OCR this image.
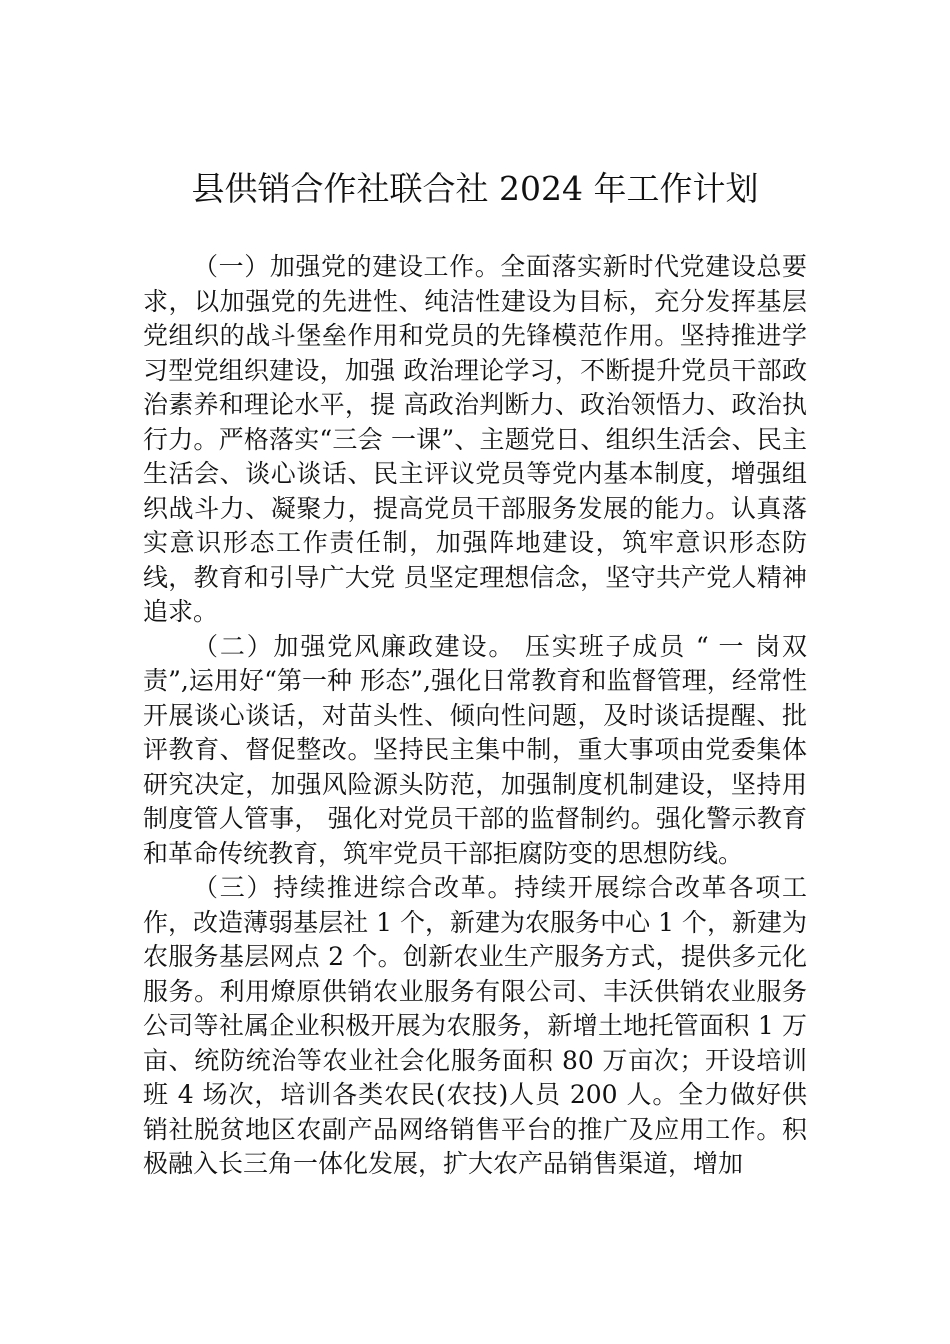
县供销合作社联合社 2024 年工作计划

（一）加强党的建设工作。全面落实新时代党建设总要求，以加强党的先进性、纯洁性建设为目标，充分发挥基层 党组织的战斗堡垒作用和党员的先锋模范作用。坚持推进学习型党组织建设，加强 政治理论学习，不断提升党员干部政治素养和理论水平，提 高政治判断力、政治领悟力、政治执行力。严格落实“三会 一课”、主题党日、组织生活会、民主生活会、谈心谈话、民主评议党员等党内基本制度，增强组织战斗力、凝聚力，提高党员干部服务发展的能力。认真落实意识形态工作责任制，加强阵地建设，筑牢意识形态防线，教育和引导广大党 员坚定理想信念，坚守共产党人精神追求。

（二）加强党风廉政建设。 压实班子成员 “ 一 岗双责”,运用好“第一种 形态”,强化日常教育和监督管理，经常性开展谈心谈话，对苗头性、倾向性问题，及时谈话提醒、批评教育、督促整改。坚持民主集中制，重大事项由党委集体研究决定，加强风险源头防范，加强制度机制建设，坚持用制度管人管事， 强化对党员干部的监督制约。强化警示教育和革命传统教育，筑牢党员干部拒腐防变的思想防线。

（三）持续推进综合改革。持续开展综合改革各项工作，改造薄弱基层社 1 个，新建为农服务中心 1 个，新建为农服务基层网点 2 个。创新农业生产服务方式，提供多元化服务。利用燎原供销农业服务有限公司、丰沃供销农业服务公司等社属企业积极开展为农服务，新增土地托管面积 1 万亩、统防统治等农业社会化服务面积 80 万亩次；开设培训班 4 场次，培训各类农民(农技)人员 200 人。全力做好供销社脱贫地区农副产品网络销售平台的推广及应用工作。积极融入长三角一体化发展，扩大农产品销售渠道，增加
